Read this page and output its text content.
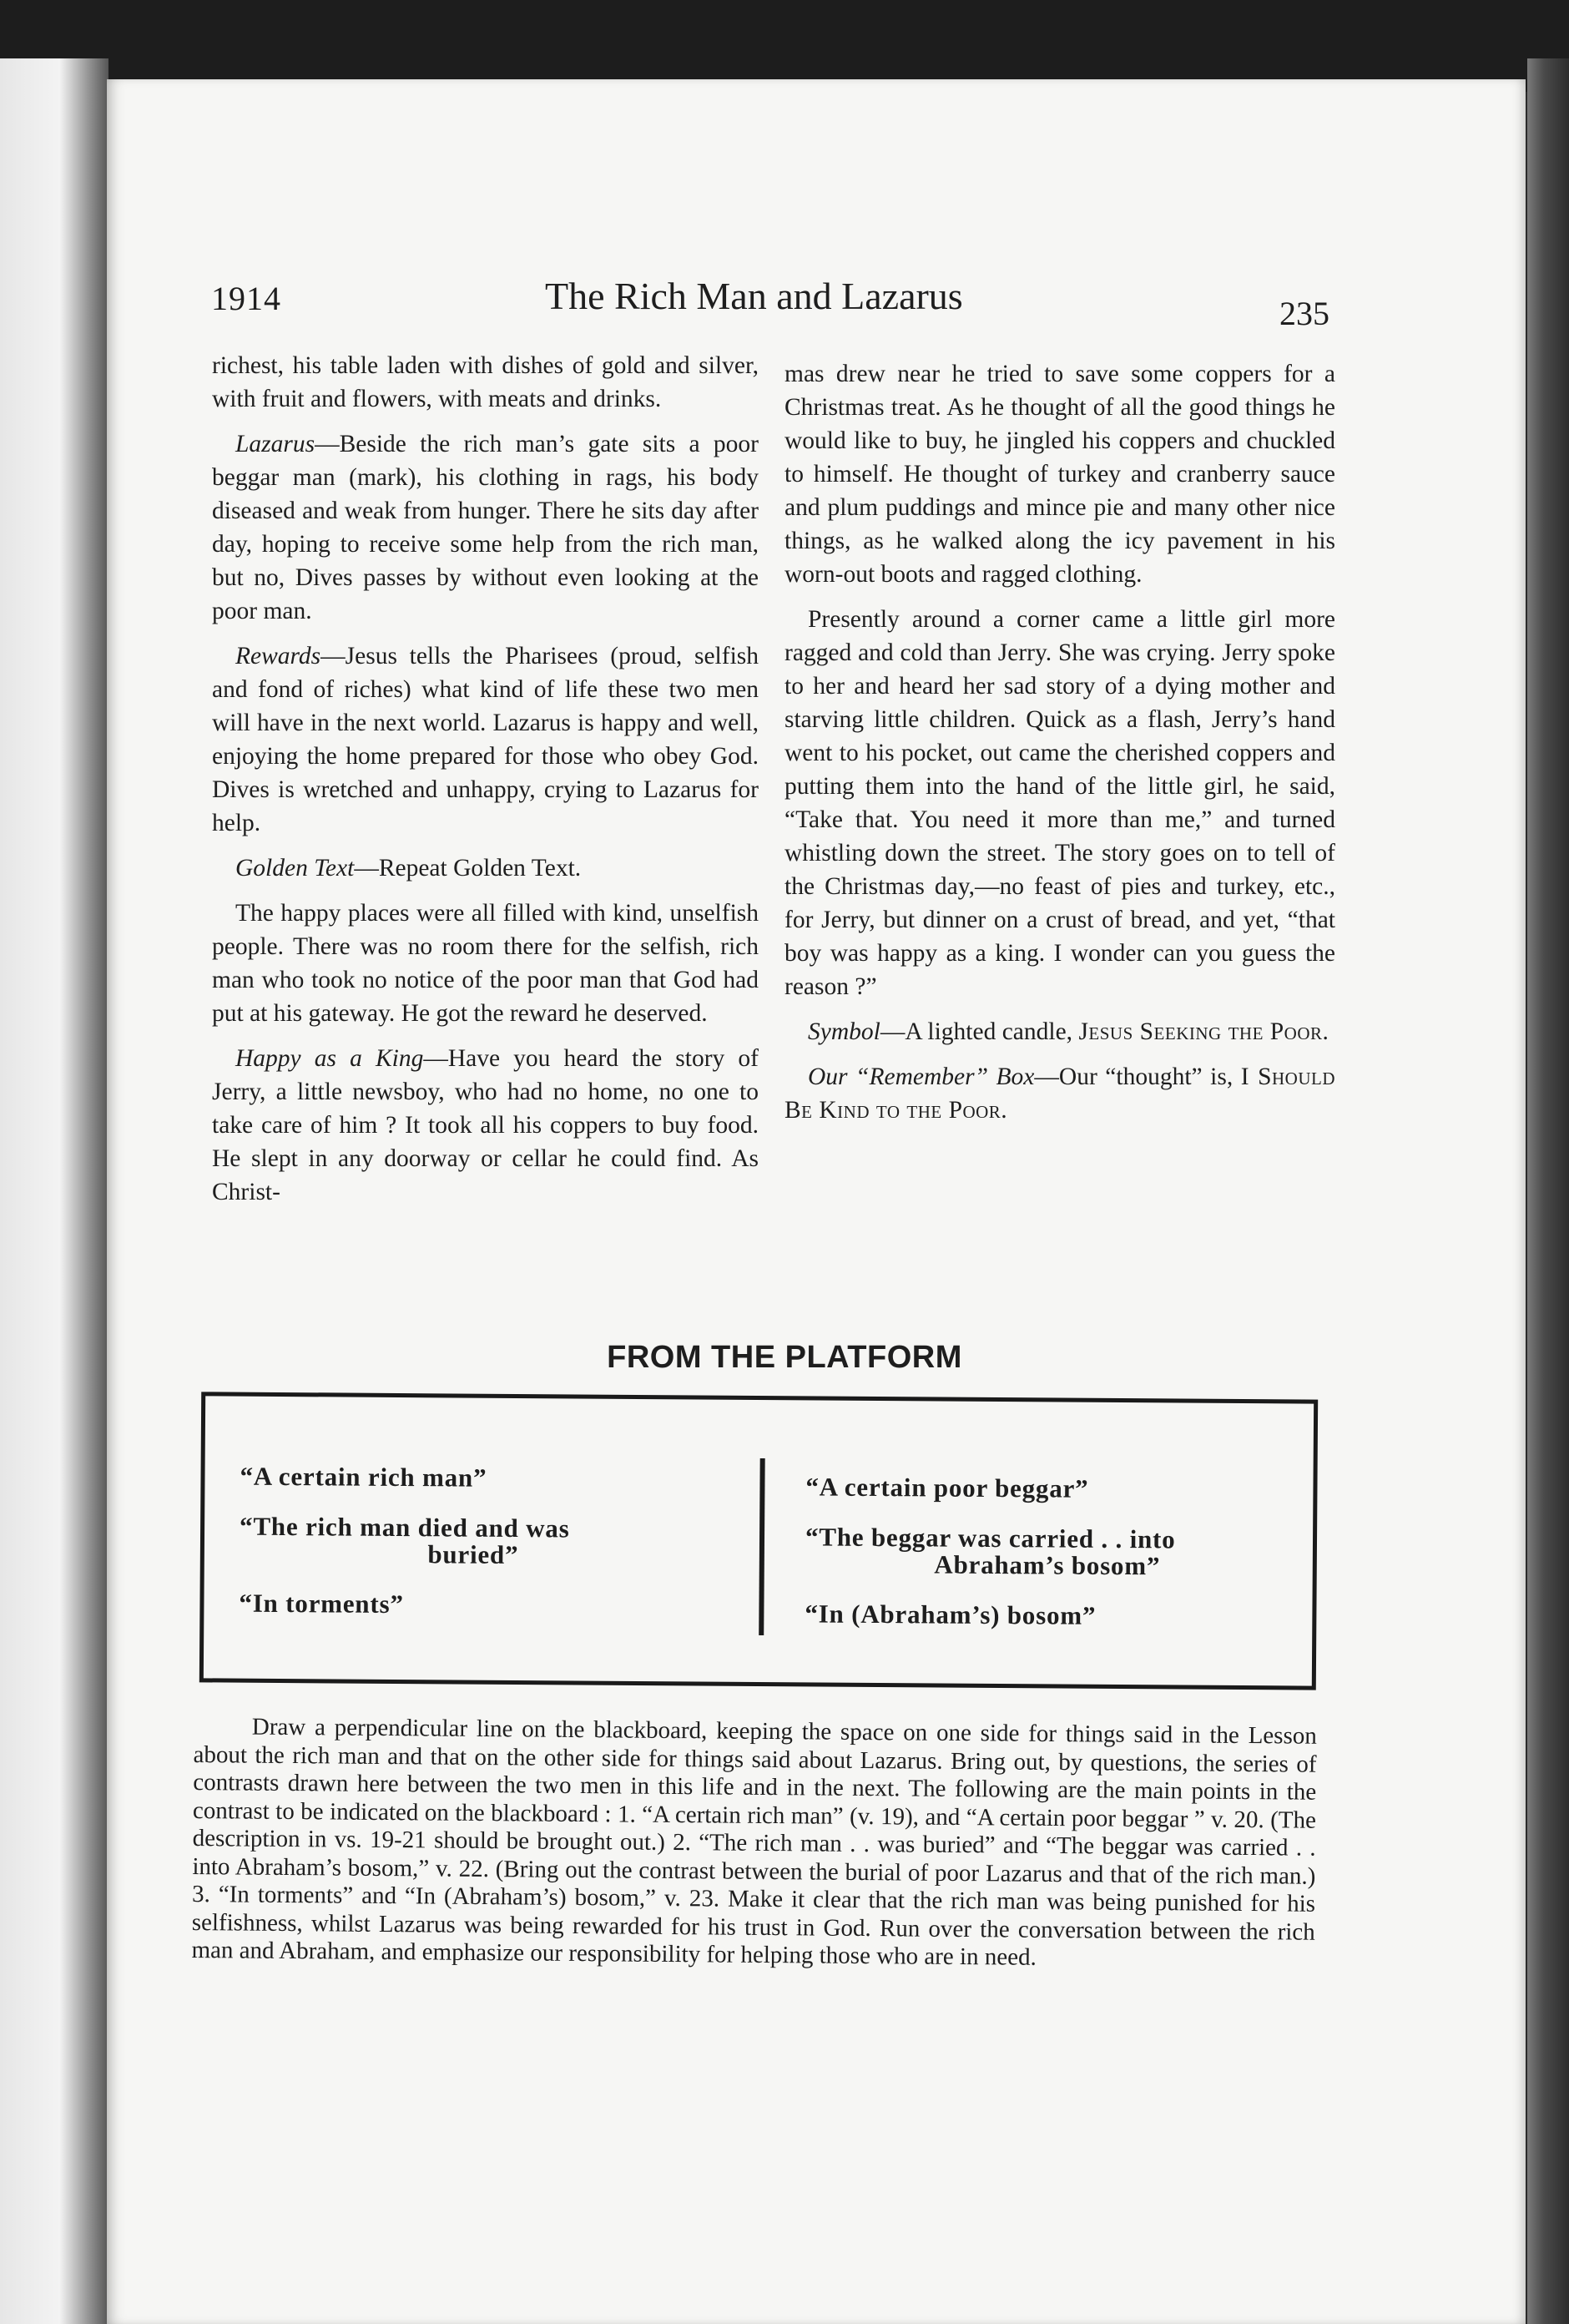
1914	The Rich Man and Lazarus	235

richest, his table laden with dishes of gold and silver, with fruit and flowers, with meats and drinks.

Lazarus—Beside the rich man’s gate sits a poor beggar man (mark), his clothing in rags, his body diseased and weak from hunger. There he sits day after day, hoping to receive some help from the rich man, but no, Dives passes by without even looking at the poor man.

Rewards—Jesus tells the Pharisees (proud, selfish and fond of riches) what kind of life these two men will have in the next world. Lazarus is happy and well, enjoying the home prepared for those who obey God. Dives is wretched and unhappy, crying to Lazarus for help.

Golden Text—Repeat Golden Text.

The happy places were all filled with kind, unselfish people. There was no room there for the selfish, rich man who took no notice of the poor man that God had put at his gateway. He got the reward he deserved.

Happy as a King—Have you heard the story of Jerry, a little newsboy, who had no home, no one to take care of him ? It took all his coppers to buy food. He slept in any doorway or cellar he could find. As Christ-

mas drew near he tried to save some coppers for a Christmas treat. As he thought of all the good things he would like to buy, he jingled his coppers and chuckled to himself. He thought of turkey and cranberry sauce and plum puddings and mince pie and many other nice things, as he walked along the icy pavement in his worn-out boots and ragged clothing.

Presently around a corner came a little girl more ragged and cold than Jerry. She was crying. Jerry spoke to her and heard her sad story of a dying mother and starving little children. Quick as a flash, Jerry’s hand went to his pocket, out came the cherished coppers and putting them into the hand of the little girl, he said, “Take that. You need it more than me,” and turned whistling down the street. The story goes on to tell of the Christmas day,—no feast of pies and turkey, etc., for Jerry, but dinner on a crust of bread, and yet, “that boy was happy as a king. I wonder can you guess the reason ?”

Symbol—A lighted candle, Jesus Seeking the Poor.

Our “Remember” Box—Our “thought” is, I Should Be Kind to the Poor.

FROM THE PLATFORM
“A certain rich man”
“The rich man died and was
buried”
“In torments”
“A certain poor beggar”
“The beggar was carried . . into
Abraham’s bosom”
“In (Abraham’s) bosom”

Draw a perpendicular line on the blackboard, keeping the space on one side for things said in the Lesson about the rich man and that on the other side for things said about Lazarus. Bring out, by questions, the series of contrasts drawn here between the two men in this life and in the next. The following are the main points in the contrast to be indicated on the blackboard : 1. “A certain rich man” (v. 19), and “A certain poor beggar ” v. 20. (The description in vs. 19-21 should be brought out.) 2. “The rich man . . was buried” and “The beggar was carried . . into Abraham’s bosom,” v. 22. (Bring out the contrast between the burial of poor Lazarus and that of the rich man.) 3. “In torments” and “In (Abraham’s) bosom,” v. 23. Make it clear that the rich man was being punished for his selfishness, whilst Lazarus was being rewarded for his trust in God. Run over the conversation between the rich man and Abraham, and emphasize our responsibility for helping those who are in need.
